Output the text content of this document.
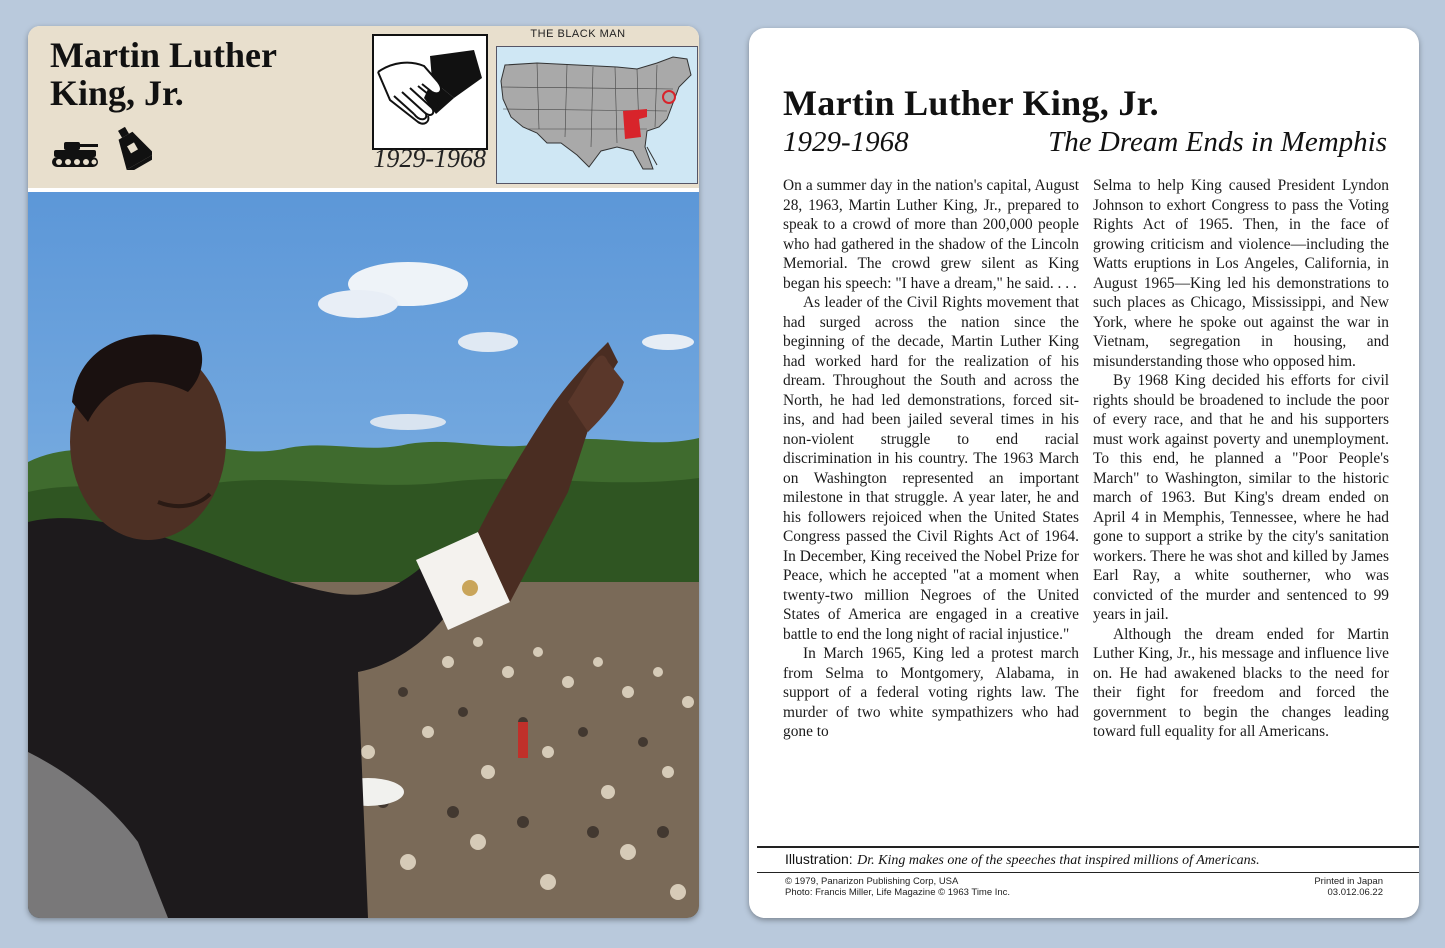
Martin Luther
King, Jr.
THE BLACK MAN
1929-1968
Martin Luther King, Jr.
1929-1968	The Dream Ends in Memphis

On a summer day in the nation's capital, August 28, 1963, Martin Luther King, Jr., prepared to speak to a crowd of more than 200,000 people who had gathered in the shadow of the Lincoln Memorial. The crowd grew silent as King began his speech: "I have a dream," he said. . . .

As leader of the Civil Rights movement that had surged across the nation since the beginning of the decade, Martin Luther King had worked hard for the realization of his dream. Throughout the South and across the North, he had led demonstrations, forced sit-ins, and had been jailed several times in his non-violent struggle to end racial discrimination in his country. The 1963 March on Washington represented an important milestone in that struggle. A year later, he and his followers rejoiced when the United States Congress passed the Civil Rights Act of 1964. In December, King received the Nobel Prize for Peace, which he accepted "at a moment when twenty-two million Negroes of the United States of America are engaged in a creative battle to end the long night of racial injustice."

In March 1965, King led a protest march from Selma to Montgomery, Alabama, in support of a federal voting rights law. The murder of two white sympathizers who had gone to

Selma to help King caused President Lyndon Johnson to exhort Congress to pass the Voting Rights Act of 1965. Then, in the face of growing criticism and violence—including the Watts eruptions in Los Angeles, California, in August 1965—King led his demonstrations to such places as Chicago, Mississippi, and New York, where he spoke out against the war in Vietnam, segregation in housing, and misunderstanding those who opposed him.

By 1968 King decided his efforts for civil rights should be broadened to include the poor of every race, and that he and his supporters must work against poverty and unemployment. To this end, he planned a "Poor People's March" to Washington, similar to the historic march of 1963. But King's dream ended on April 4 in Memphis, Tennessee, where he had gone to support a strike by the city's sanitation workers. There he was shot and killed by James Earl Ray, a white southerner, who was convicted of the murder and sentenced to 99 years in jail.

Although the dream ended for Martin Luther King, Jr., his message and influence live on. He had awakened blacks to the need for their fight for freedom and forced the government to begin the changes leading toward full equality for all Americans.

Illustration: Dr. King makes one of the speeches that inspired millions of Americans.
© 1979, Panarizon Publishing Corp, USA
Photo: Francis Miller, Life Magazine © 1963 Time Inc.
Printed in Japan
03.012.06.22
